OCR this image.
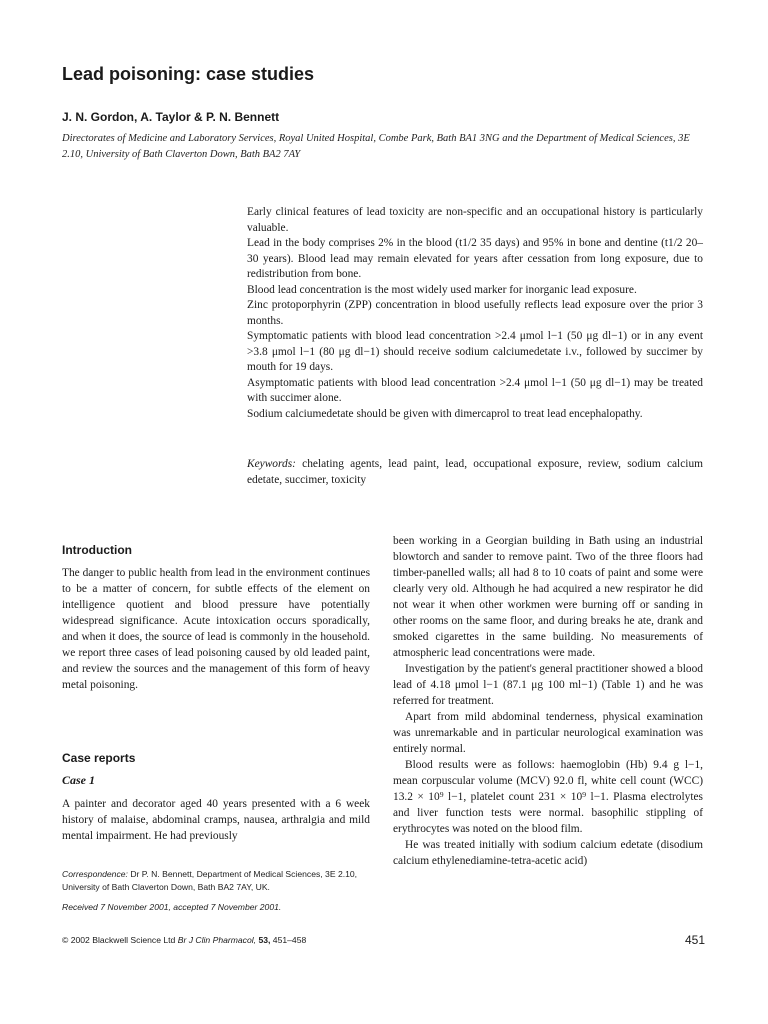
Lead poisoning: case studies

J. N. Gordon, A. Taylor & P. N. Bennett

Directorates of Medicine and Laboratory Services, Royal United Hospital, Combe Park, Bath BA1 3NG and the Department of Medical Sciences, 3E 2.10, University of Bath Claverton Down, Bath BA2 7AY

Early clinical features of lead toxicity are non-specific and an occupational history is particularly valuable.

Lead in the body comprises 2% in the blood (t1/2 35 days) and 95% in bone and dentine (t1/2 20–30 years). Blood lead may remain elevated for years after cessation from long exposure, due to redistribution from bone.

Blood lead concentration is the most widely used marker for inorganic lead exposure.

Zinc protoporphyrin (ZPP) concentration in blood usefully reflects lead exposure over the prior 3 months.

Symptomatic patients with blood lead concentration >2.4 μmol l−1 (50 μg dl−1) or in any event >3.8 μmol l−1 (80 μg dl−1) should receive sodium calciumedetate i.v., followed by succimer by mouth for 19 days.

Asymptomatic patients with blood lead concentration >2.4 μmol l−1 (50 μg dl−1) may be treated with succimer alone.

Sodium calciumedetate should be given with dimercaprol to treat lead encephalopathy.

Keywords: chelating agents, lead paint, lead, occupational exposure, review, sodium calcium edetate, succimer, toxicity

Introduction

The danger to public health from lead in the environment continues to be a matter of concern, for subtle effects of the element on intelligence quotient and blood pressure have potentially widespread significance. Acute intoxication occurs sporadically, and when it does, the source of lead is commonly in the household. we report three cases of lead poisoning caused by old leaded paint, and review the sources and the management of this form of heavy metal poisoning.

Case reports
Case 1

A painter and decorator aged 40 years presented with a 6 week history of malaise, abdominal cramps, nausea, arthralgia and mild mental impairment. He had previously

been working in a Georgian building in Bath using an industrial blowtorch and sander to remove paint. Two of the three floors had timber-panelled walls; all had 8 to 10 coats of paint and some were clearly very old. Although he had acquired a new respirator he did not wear it when other workmen were burning off or sanding in other rooms on the same floor, and during breaks he ate, drank and smoked cigarettes in the same building. No measurements of atmospheric lead concentrations were made.

Investigation by the patient's general practitioner showed a blood lead of 4.18 μmol l−1 (87.1 μg 100 ml−1) (Table 1) and he was referred for treatment.

Apart from mild abdominal tenderness, physical examination was unremarkable and in particular neurological examination was entirely normal.

Blood results were as follows: haemoglobin (Hb) 9.4 g l−1, mean corpuscular volume (MCV) 92.0 fl, white cell count (WCC) 13.2 × 10⁹ l−1, platelet count 231 × 10⁹ l−1. Plasma electrolytes and liver function tests were normal. basophilic stippling of erythrocytes was noted on the blood film.

He was treated initially with sodium calcium edetate (disodium calcium ethylenediamine-tetra-acetic acid)

Correspondence: Dr P. N. Bennett, Department of Medical Sciences, 3E 2.10, University of Bath Claverton Down, Bath BA2 7AY, UK.

Received 7 November 2001, accepted 7 November 2001.

© 2002 Blackwell Science Ltd Br J Clin Pharmacol, 53, 451–458	451
